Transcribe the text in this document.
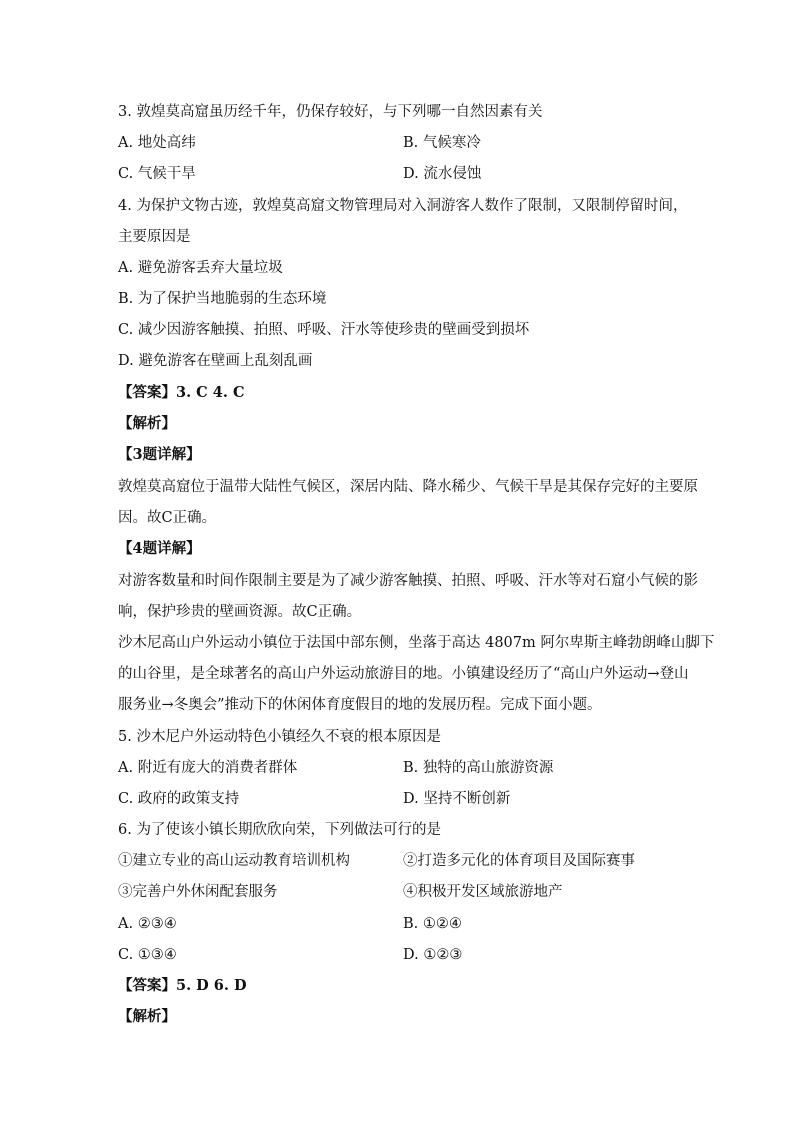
3. 敦煌莫高窟虽历经千年，仍保存较好，与下列哪一自然因素有关
A. 地处高纬	B. 气候寒冷
C. 气候干旱	D. 流水侵蚀
4. 为保护文物古迹，敦煌莫高窟文物管理局对入洞游客人数作了限制，又限制停留时间，
主要原因是
A. 避免游客丢弃大量垃圾
B. 为了保护当地脆弱的生态环境
C. 减少因游客触摸、拍照、呼吸、汗水等使珍贵的壁画受到损坏
D. 避免游客在壁画上乱刻乱画
【答案】3. C 4. C
【解析】
【3题详解】
敦煌莫高窟位于温带大陆性气候区，深居内陆、降水稀少、气候干旱是其保存完好的主要原
因。故C正确。
【4题详解】
对游客数量和时间作限制主要是为了减少游客触摸、拍照、呼吸、汗水等对石窟小气候的影
响，保护珍贵的壁画资源。故C正确。
沙木尼高山户外运动小镇位于法国中部东侧，坐落于高达 4807m 阿尔卑斯主峰勃朗峰山脚下
的山谷里，是全球著名的高山户外运动旅游目的地。小镇建设经历了“高山户外运动→登山
服务业→冬奥会”推动下的休闲体育度假目的地的发展历程。完成下面小题。
5. 沙木尼户外运动特色小镇经久不衰的根本原因是
A. 附近有庞大的消费者群体	B. 独特的高山旅游资源
C. 政府的政策支持	D. 坚持不断创新
6. 为了使该小镇长期欣欣向荣，下列做法可行的是
①建立专业的高山运动教育培训机构	②打造多元化的体育项目及国际赛事
③完善户外休闲配套服务	④积极开发区域旅游地产
A. ②③④	B. ①②④
C. ①③④	D. ①②③
【答案】5. D 6. D
【解析】
